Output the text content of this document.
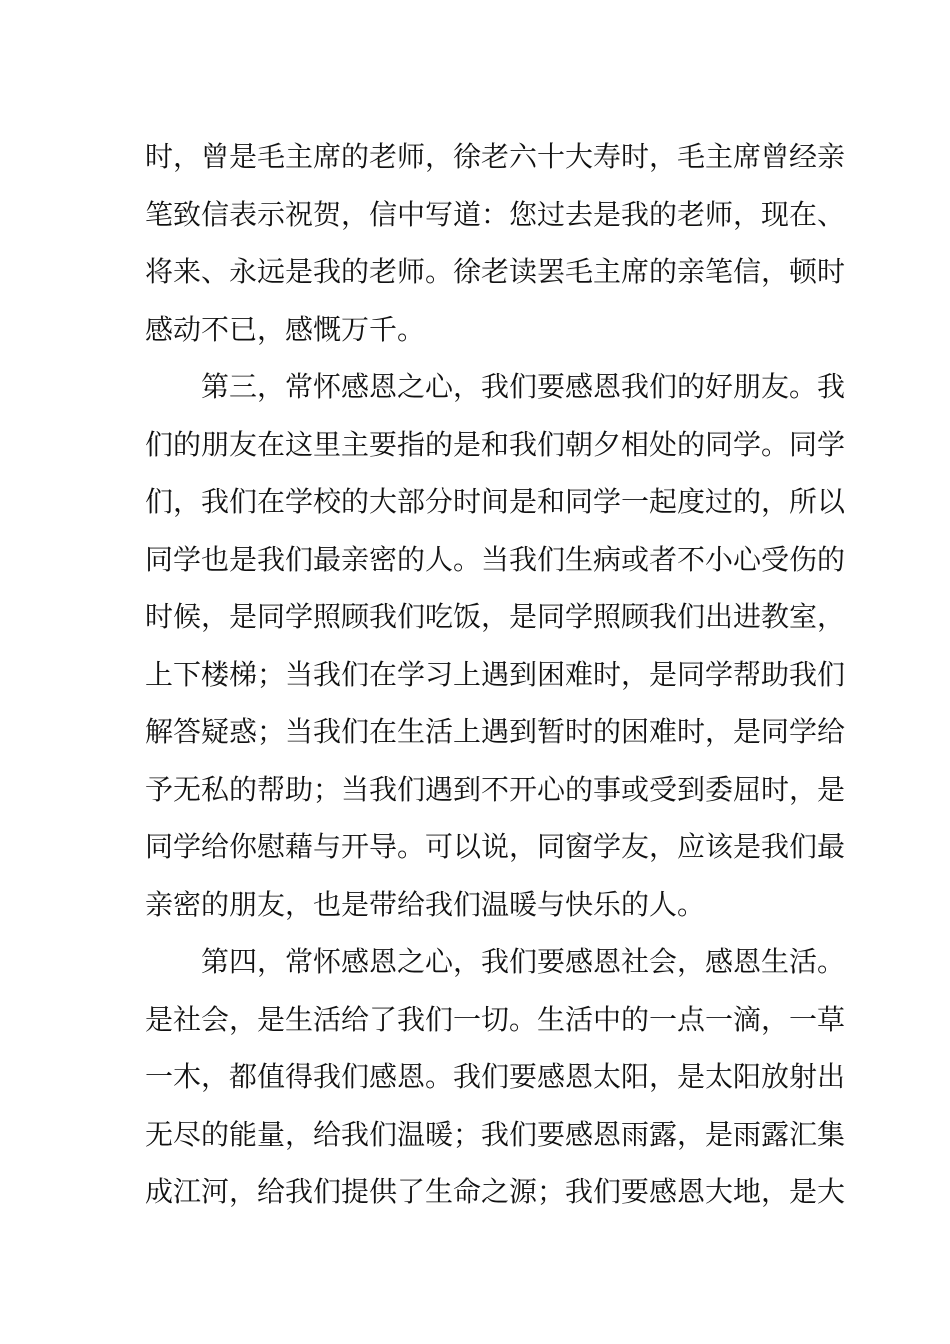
时，曾是毛主席的老师，徐老六十大寿时，毛主席曾经亲
笔致信表示祝贺，信中写道：您过去是我的老师，现在、
将来、永远是我的老师。徐老读罢毛主席的亲笔信，顿时
感动不已，感慨万千。
第三，常怀感恩之心，我们要感恩我们的好朋友。我
们的朋友在这里主要指的是和我们朝夕相处的同学。同学
们，我们在学校的大部分时间是和同学一起度过的，所以
同学也是我们最亲密的人。当我们生病或者不小心受伤的
时候，是同学照顾我们吃饭，是同学照顾我们出进教室，
上下楼梯；当我们在学习上遇到困难时，是同学帮助我们
解答疑惑；当我们在生活上遇到暂时的困难时，是同学给
予无私的帮助；当我们遇到不开心的事或受到委屈时，是
同学给你慰藉与开导。可以说，同窗学友，应该是我们最
亲密的朋友，也是带给我们温暖与快乐的人。
第四，常怀感恩之心，我们要感恩社会，感恩生活。
是社会，是生活给了我们一切。生活中的一点一滴，一草
一木，都值得我们感恩。我们要感恩太阳，是太阳放射出
无尽的能量，给我们温暖；我们要感恩雨露，是雨露汇集
成江河，给我们提供了生命之源；我们要感恩大地，是大
